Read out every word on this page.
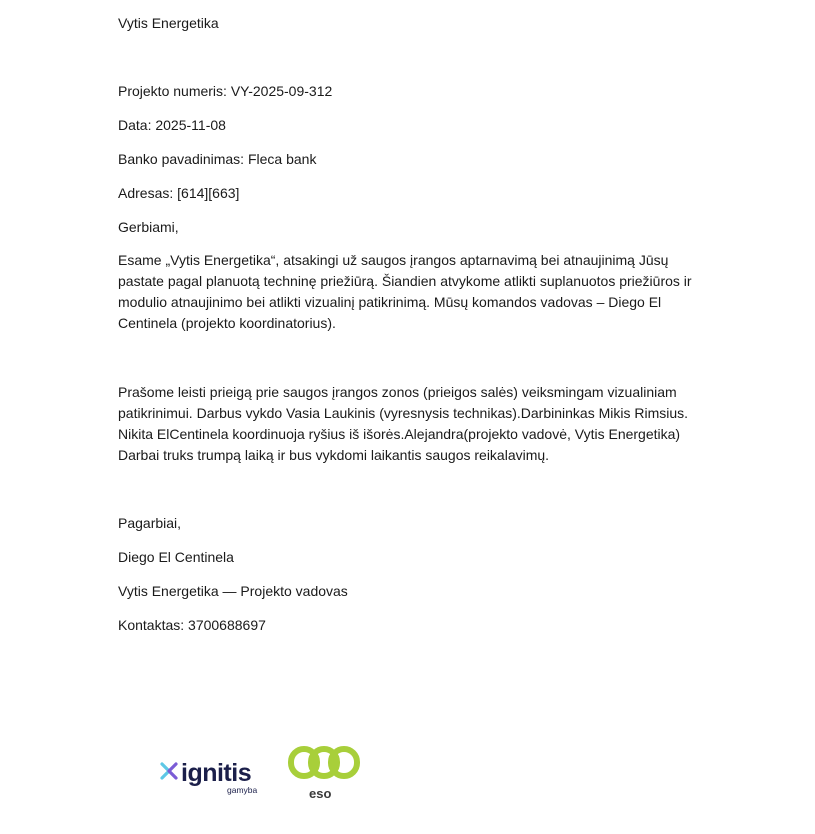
Vytis Energetika
Projekto numeris: VY-2025-09-312
Data: 2025-11-08
Banko pavadinimas: Fleca bank
Adresas: [614][663]
Gerbiami,
Esame „Vytis Energetika“, atsakingi už saugos įrangos aptarnavimą bei atnaujinimą Jūsų
pastate pagal planuotą techninę priežiūrą. Šiandien atvykome atlikti suplanuotos priežiūros ir
modulio atnaujinimo bei atlikti vizualinį patikrinimą. Mūsų komandos vadovas – Diego El
Centinela (projekto koordinatorius).
Prašome leisti prieigą prie saugos įrangos zonos (prieigos salės) veiksmingam vizualiniam
patikrinimui. Darbus vykdo Vasia Laukinis (vyresnysis technikas).Darbininkas Mikis Rimsius.
Nikita ElCentinela koordinuoja ryšius iš išorės.Alejandra(projekto vadovė, Vytis Energetika)
Darbai truks trumpą laiką ir bus vykdomi laikantis saugos reikalavimų.
Pagarbiai,
Diego El Centinela
Vytis Energetika — Projekto vadovas
Kontaktas: 3700688697
ignitis
gamyba	eso
